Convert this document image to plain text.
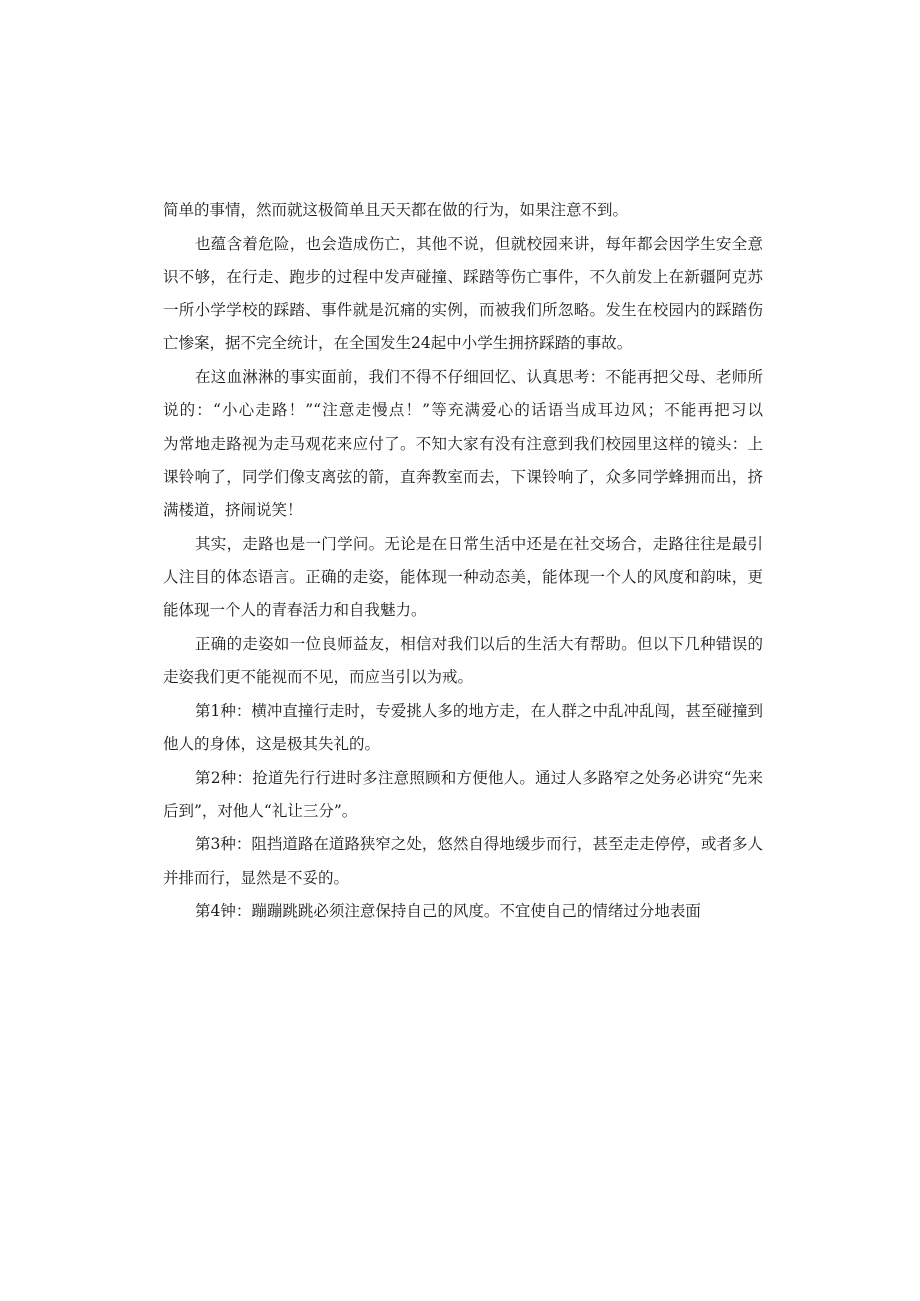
简单的事情，然而就这极简单且天天都在做的行为，如果注意不到。
也蕴含着危险，也会造成伤亡，其他不说，但就校园来讲，每年都会因学生安全意
识不够，在行走、跑步的过程中发声碰撞、踩踏等伤亡事件，不久前发上在新疆阿克苏
一所小学学校的踩踏、事件就是沉痛的实例，而被我们所忽略。发生在校园内的踩踏伤
亡惨案，据不完全统计，在全国发生24起中小学生拥挤踩踏的事故。
在这血淋淋的事实面前，我们不得不仔细回忆、认真思考：不能再把父母、老师所
说的：“小心走路！”“注意走慢点！”等充满爱心的话语当成耳边风；不能再把习以
为常地走路视为走马观花来应付了。不知大家有没有注意到我们校园里这样的镜头：上
课铃响了，同学们像支离弦的箭，直奔教室而去，下课铃响了，众多同学蜂拥而出，挤
满楼道，挤闹说笑！
其实，走路也是一门学问。无论是在日常生活中还是在社交场合，走路往往是最引
人注目的体态语言。正确的走姿，能体现一种动态美，能体现一个人的风度和韵味，更
能体现一个人的青春活力和自我魅力。
正确的走姿如一位良师益友，相信对我们以后的生活大有帮助。但以下几种错误的
走姿我们更不能视而不见，而应当引以为戒。
第1种：横冲直撞行走时，专爱挑人多的地方走，在人群之中乱冲乱闯，甚至碰撞到
他人的身体，这是极其失礼的。
第2种：抢道先行行进时多注意照顾和方便他人。通过人多路窄之处务必讲究“先来
后到”，对他人“礼让三分”。
第3种：阻挡道路在道路狭窄之处，悠然自得地缓步而行，甚至走走停停，或者多人
并排而行，显然是不妥的。
第4钟：蹦蹦跳跳必须注意保持自己的风度。不宜使自己的情绪过分地表面
